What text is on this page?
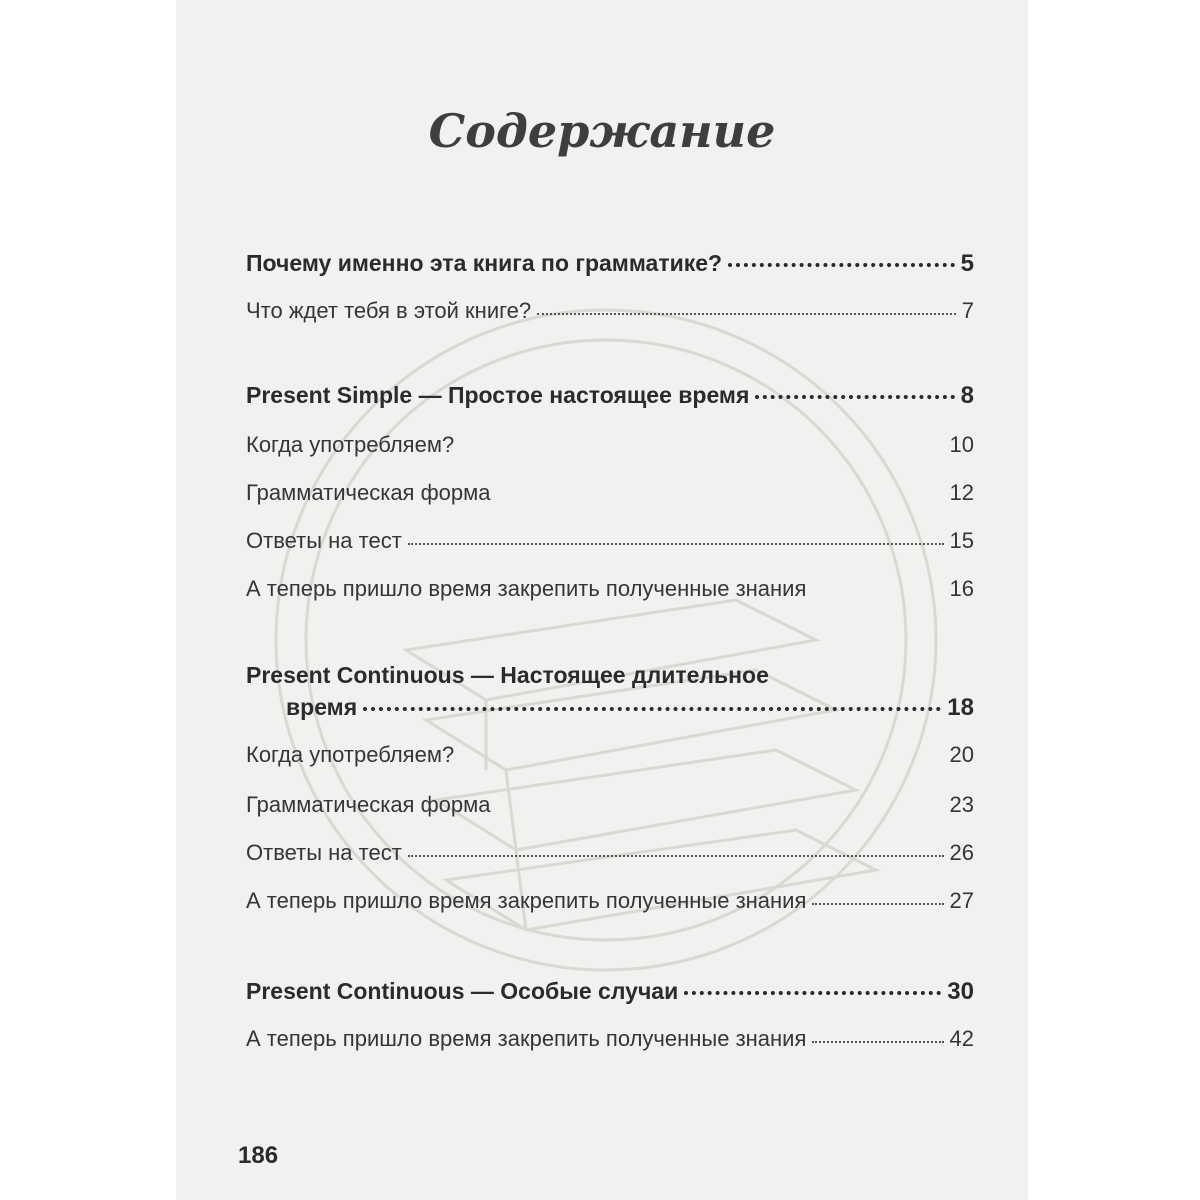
Содержание
Почему именно эта книга по грамматике?	5
Что ждет тебя в этой книге?	7
Present Simple — Простое настоящее время	8
Когда употребляем?	10
Грамматическая форма	12
Ответы на тест	15
А теперь пришло время закрепить полученные знания	16
Present Continuous — Настоящее длительное
время	18
Когда употребляем?	20
Грамматическая форма	23
Ответы на тест	26
А теперь пришло время закрепить полученные знания	27
Present Continuous — Особые случаи	30
А теперь пришло время закрепить полученные знания	42
186
